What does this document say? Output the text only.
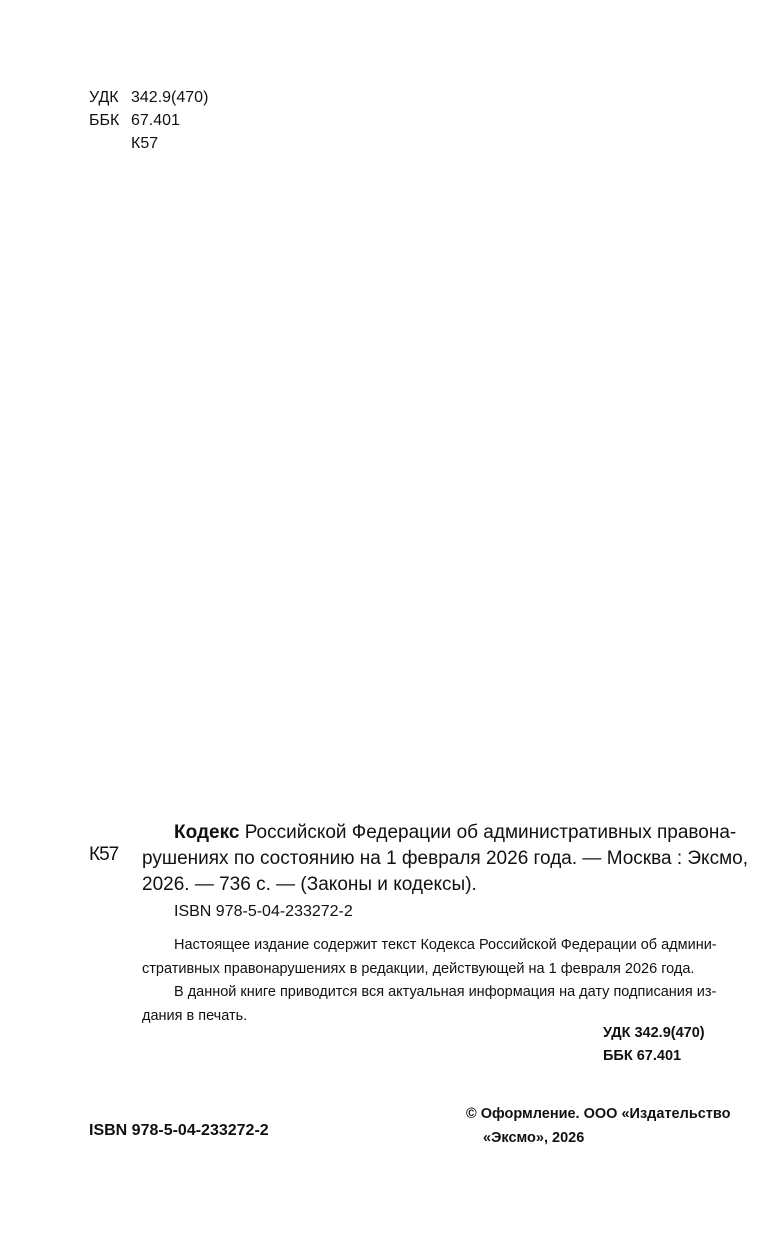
УДК 342.9(470)
ББК 67.401
К57
К57
Кодекс Российской Федерации об административных правона-
рушениях по состоянию на 1 февраля 2026 года. — Москва : Эксмо,
2026. — 736 с. — (Законы и кодексы).
ISBN 978-5-04-233272-2
Настоящее издание содержит текст Кодекса Российской Федерации об админи-
стративных правонарушениях в редакции, действующей на 1 февраля 2026 года.
В данной книге приводится вся актуальная информация на дату подписания из-
дания в печать.
УДК 342.9(470)
ББК 67.401
ISBN 978-5-04-233272-2
© Оформление. ООО «Издательство
«Эксмо», 2026
